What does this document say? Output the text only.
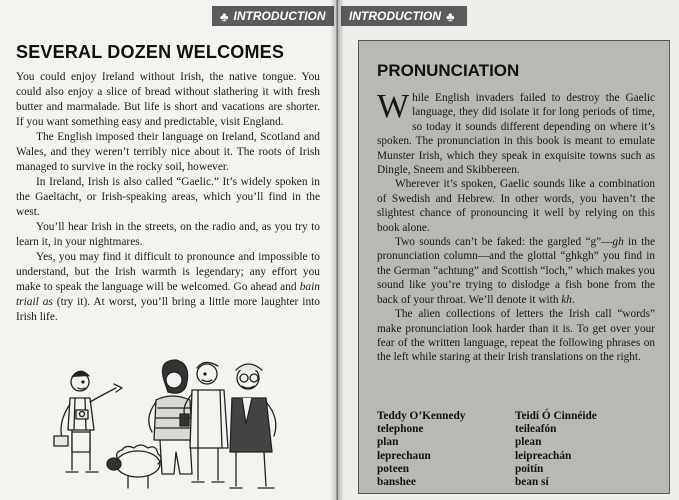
♣ INTRODUCTION
SEVERAL DOZEN WELCOMES

You could enjoy Ireland without Irish, the native tongue. You could also enjoy a slice of bread without slathering it with fresh butter and marmalade. But life is short and vacations are shorter. If you want something easy and predictable, visit England.

The English imposed their language on Ireland, Scotland and Wales, and they weren’t terribly nice about it. The roots of Irish managed to survive in the rocky soil, however.

In Ireland, Irish is also called “Gaelic.” It’s widely spoken in the Gaeltacht, or Irish-speaking areas, which you’ll find in the west.

You’ll hear Irish in the streets, on the radio and, as you try to learn it, in your nightmares.

Yes, you may find it difficult to pronounce and impossible to understand, but the Irish warmth is legendary; any effort you make to speak the language will be welcomed. Go ahead and bain triail as (try it). At worst, you’ll bring a little more laughter into Irish life.

INTRODUCTION ♣
PRONUNCIATION

While English invaders failed to destroy the Gaelic language, they did isolate it for long periods of time, so today it sounds different depending on where it’s spoken. The pronunciation in this book is meant to emulate Munster Irish, which they speak in exquisite towns such as Dingle, Sneem and Skibbereen.

Wherever it’s spoken, Gaelic sounds like a combination of Swedish and Hebrew. In other words, you haven’t the slightest chance of pronouncing it well by relying on this book alone.

Two sounds can’t be faked: the gargled “g”—gh in the pronunciation column—and the glottal “ghkgh” you find in the German “achtung” and Scottish “loch,” which makes you sound like you’re trying to dislodge a fish bone from the back of your throat. We’ll denote it with kh.

The alien collections of letters the Irish call “words” make pronunciation look harder than it is. To get over your fear of the written language, repeat the following phrases on the left while staring at their Irish translations on the right.

Teddy O’Kennedy	Teidí Ó Cinnéide
telephone	teileafón
plan	plean
leprechaun	leipreachán
poteen	poitín
banshee	bean sí
